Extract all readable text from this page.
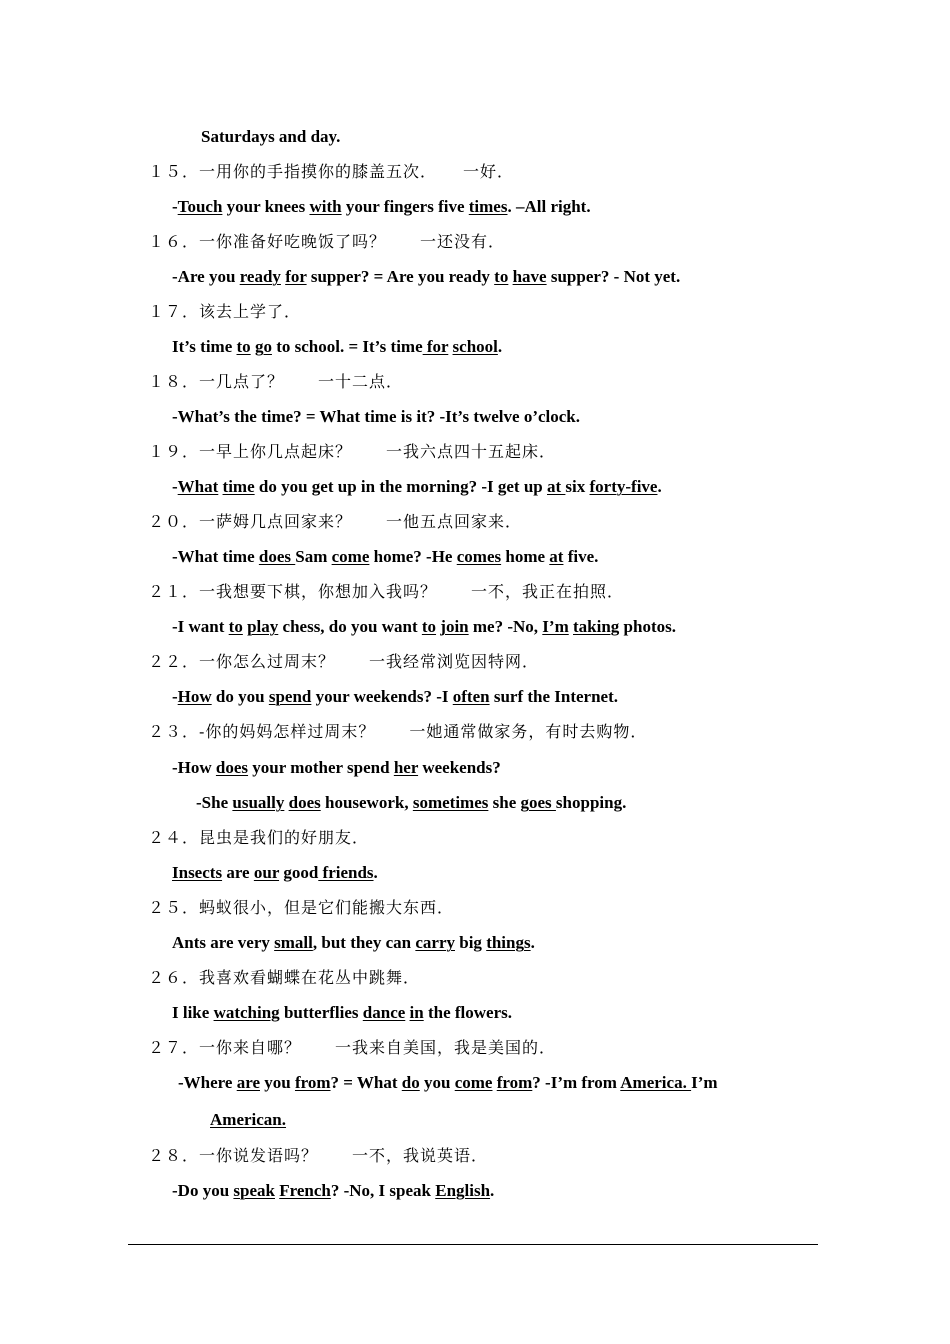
Saturdays and day.
１５．一用你的手指摸你的膝盖五次．　　一好．
-Touch your knees with your fingers five times. –All right.
１６．一你准备好吃晚饭了吗？　　一还没有．
-Are you ready for supper? = Are you ready to have supper? - Not yet.
１７．该去上学了．
It’s time to go to school. = It’s time for school.
１８．一几点了？　　一十二点．
-What’s the time? = What time is it? -It’s twelve o’clock.
１９．一早上你几点起床？　　一我六点四十五起床．
-What time do you get up in the morning? -I get up at six forty-five.
２０．一萨姆几点回家来？　　一他五点回家来．
-What time does Sam come home? -He comes home at five.
２１．一我想要下棋，你想加入我吗？　　一不，我正在拍照．
-I want to play chess, do you want to join me? -No, I’m taking photos.
２２．一你怎么过周末？　　一我经常浏览因特网．
-How do you spend your weekends? -I often surf the Internet.
２３．-你的妈妈怎样过周末？　　一她通常做家务，有时去购物．
-How does your mother spend her weekends?
-She usually does housework, sometimes she goes shopping.
２４．昆虫是我们的好朋友．
Insects are our good friends.
２５．蚂蚁很小，但是它们能搬大东西．
Ants are very small, but they can carry big things.
２６．我喜欢看蝴蝶在花丛中跳舞．
I like watching butterflies dance in the flowers.
２７．一你来自哪？　　一我来自美国，我是美国的．
-Where are you from? = What do you come from? -I’m from America. I’m
American.
２８．一你说发语吗？　　一不，我说英语．
-Do you speak French? -No, I speak English.
